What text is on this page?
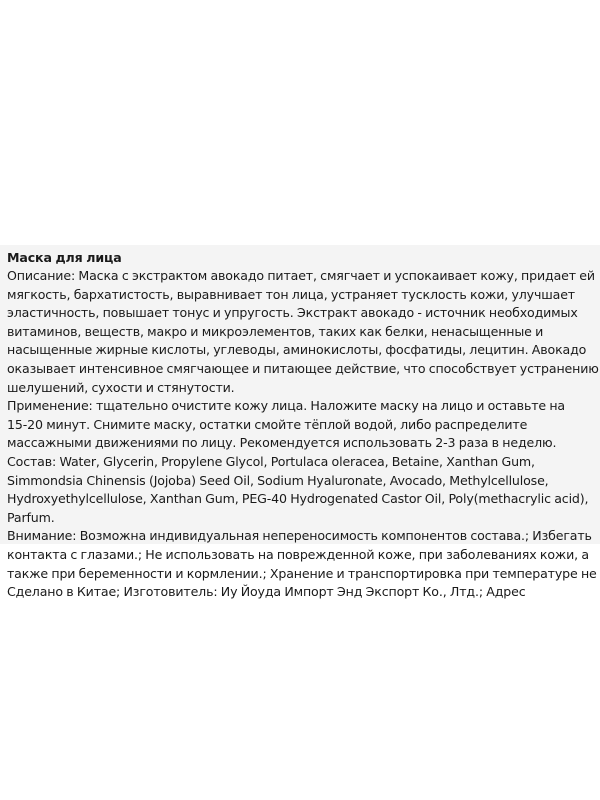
Маска для лица
Описание: Маска с экстрактом авокадо питает, смягчает и успокаивает кожу, придает ей
мягкость, бархатистость, выравнивает тон лица, устраняет тусклость кожи, улучшает
эластичность, повышает тонус и упругость. Экстракт авокадо - источник необходимых
витаминов, веществ, макро и микроэлементов, таких как белки, ненасыщенные и
насыщенные жирные кислоты, углеводы, аминокислоты, фосфатиды, лецитин. Авокадо
оказывает интенсивное смягчающее и питающее действие, что способствует устранению
шелушений, сухости и стянутости.
Применение: тщательно очистите кожу лица. Наложите маску на лицо и оставьте на
15-20 минут. Снимите маску, остатки смойте тёплой водой, либо распределите
массажными движениями по лицу. Рекомендуется использовать 2-3 раза в неделю.
Состав: Water, Glycerin, Propylene Glycol, Portulaca oleracea, Betaine, Xanthan Gum,
Simmondsia Chinensis (Jojoba) Seed Oil, Sodium Hyaluronate, Avocado, Methylcellulose,
Hydroxyethylcellulose, Xanthan Gum, PEG-40 Hydrogenated Castor Oil, Poly(methacrylic acid),
Parfum.
Внимание: Возможна индивидуальная непереносимость компонентов состава.; Избегать
контакта с глазами.; Не использовать на поврежденной коже, при заболеваниях кожи, а
также при беременности и кормлении.; Хранение и транспортировка при температуре не
Сделано в Китае; Изготовитель: Иу Йоуда Импорт Энд Экспорт Ко., Лтд.; Адрес
